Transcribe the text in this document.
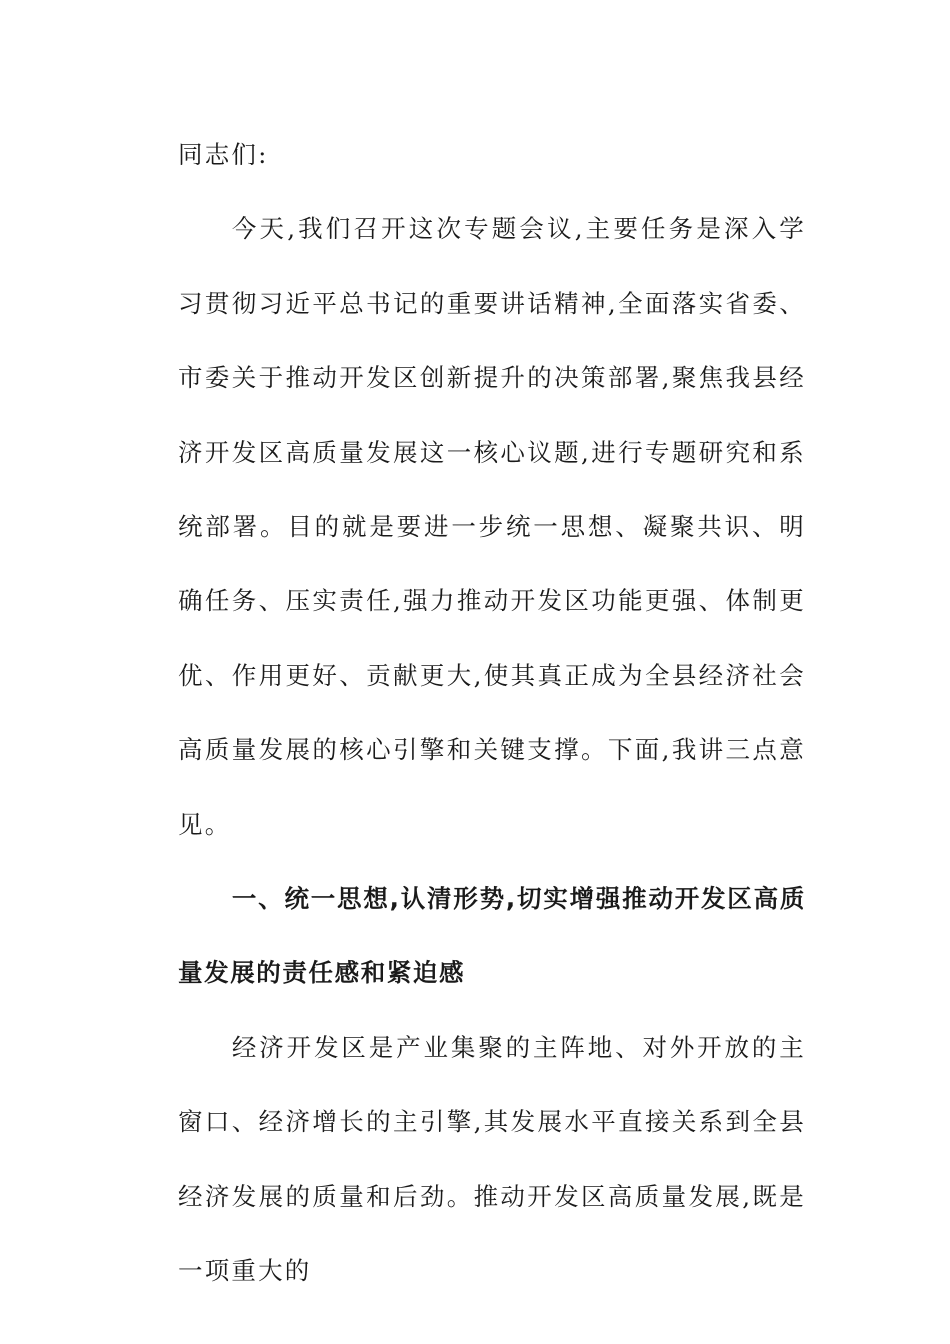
同志们:

今天,我们召开这次专题会议,主要任务是深入学习贯彻习近平总书记的重要讲话精神,全面落实省委、市委关于推动开发区创新提升的决策部署,聚焦我县经济开发区高质量发展这一核心议题,进行专题研究和系统部署。目的就是要进一步统一思想、凝聚共识、明确任务、压实责任,强力推动开发区功能更强、体制更优、作用更好、贡献更大,使其真正成为全县经济社会高质量发展的核心引擎和关键支撑。下面,我讲三点意见。

一、统一思想,认清形势,切实增强推动开发区高质量发展的责任感和紧迫感

经济开发区是产业集聚的主阵地、对外开放的主窗口、经济增长的主引擎,其发展水平直接关系到全县经济发展的质量和后劲。推动开发区高质量发展,既是一项重大的
